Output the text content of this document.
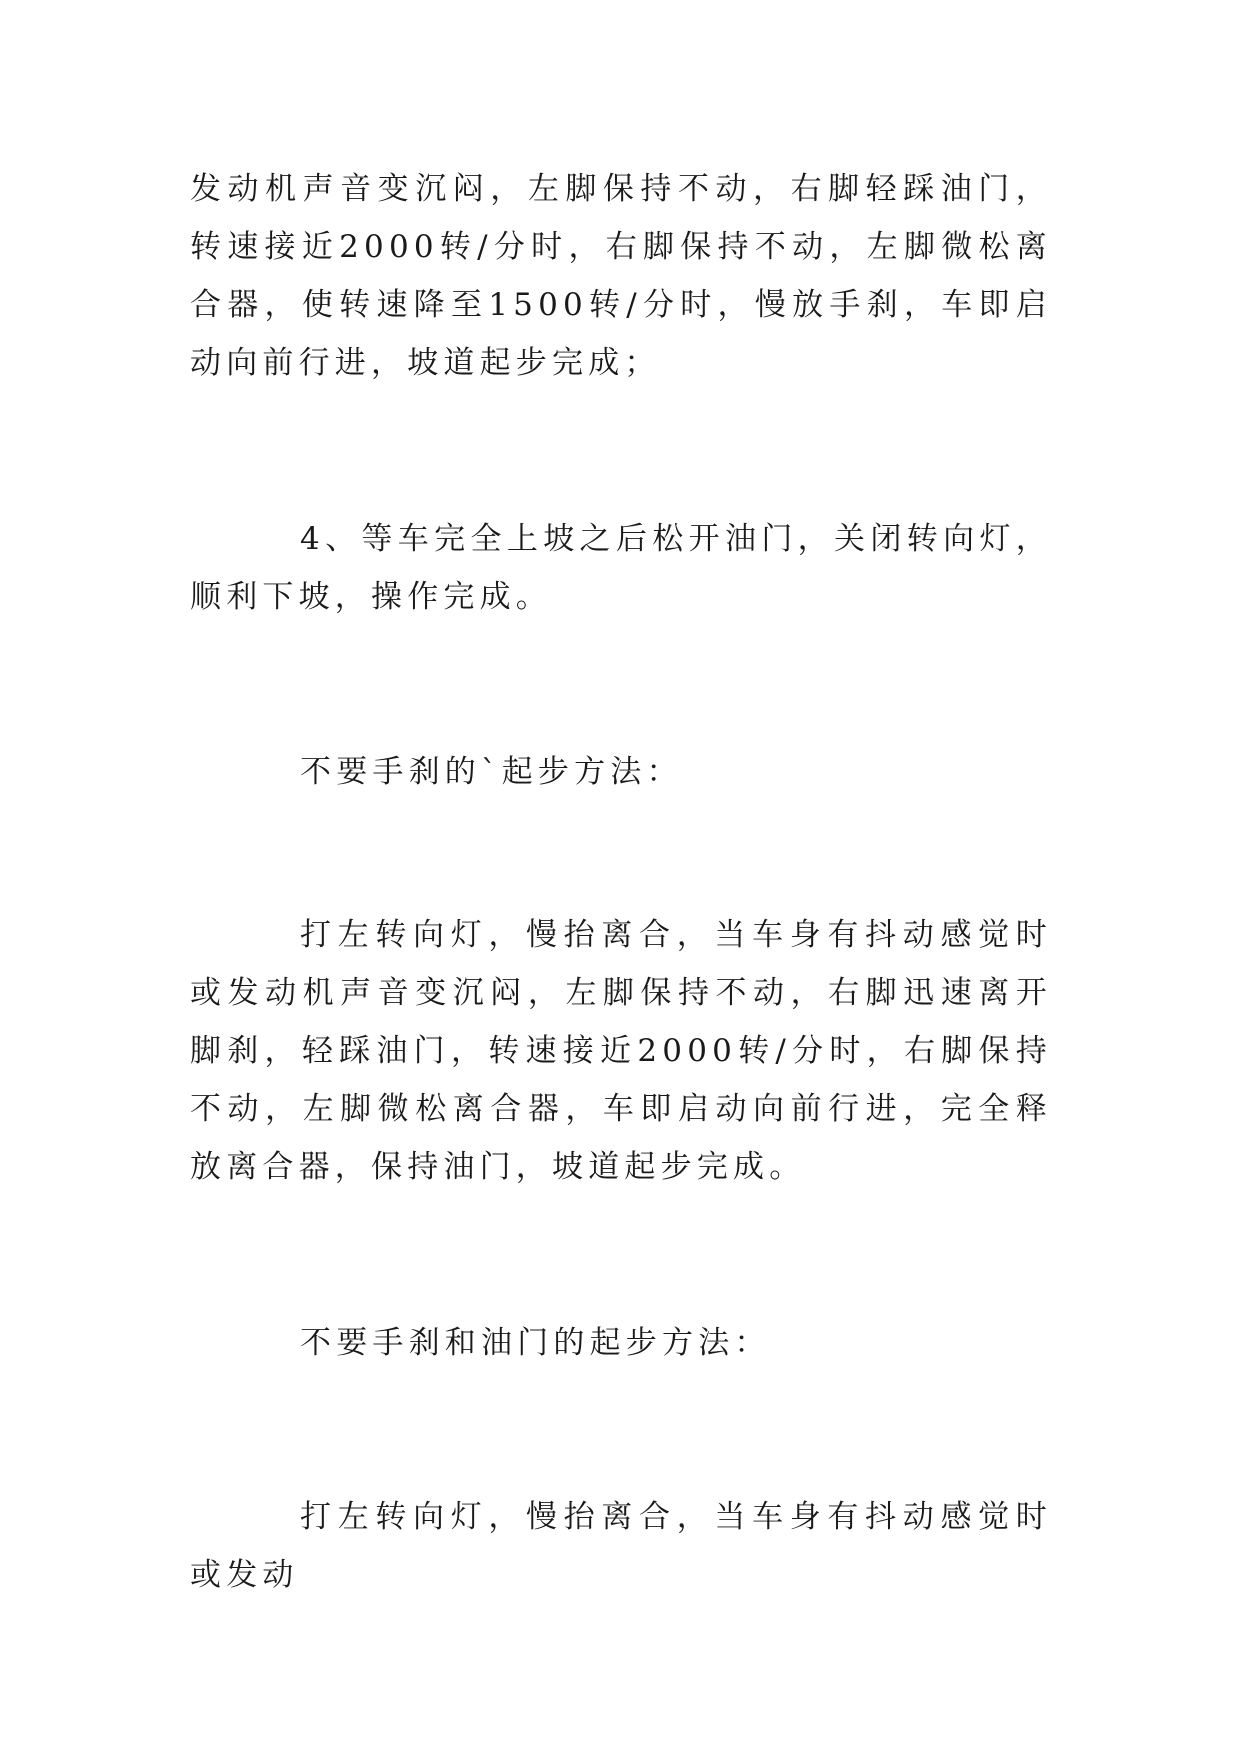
发动机声音变沉闷，左脚保持不动，右脚轻踩油门，转速接近2000转/分时，右脚保持不动，左脚微松离合器，使转速降至1500转/分时，慢放手刹，车即启动向前行进，坡道起步完成；

4、等车完全上坡之后松开油门，关闭转向灯，顺利下坡，操作完成。

不要手刹的`起步方法：

打左转向灯，慢抬离合，当车身有抖动感觉时或发动机声音变沉闷，左脚保持不动，右脚迅速离开脚刹，轻踩油门，转速接近2000转/分时，右脚保持不动，左脚微松离合器，车即启动向前行进，完全释放离合器，保持油门，坡道起步完成。

不要手刹和油门的起步方法：

打左转向灯，慢抬离合，当车身有抖动感觉时或发动
